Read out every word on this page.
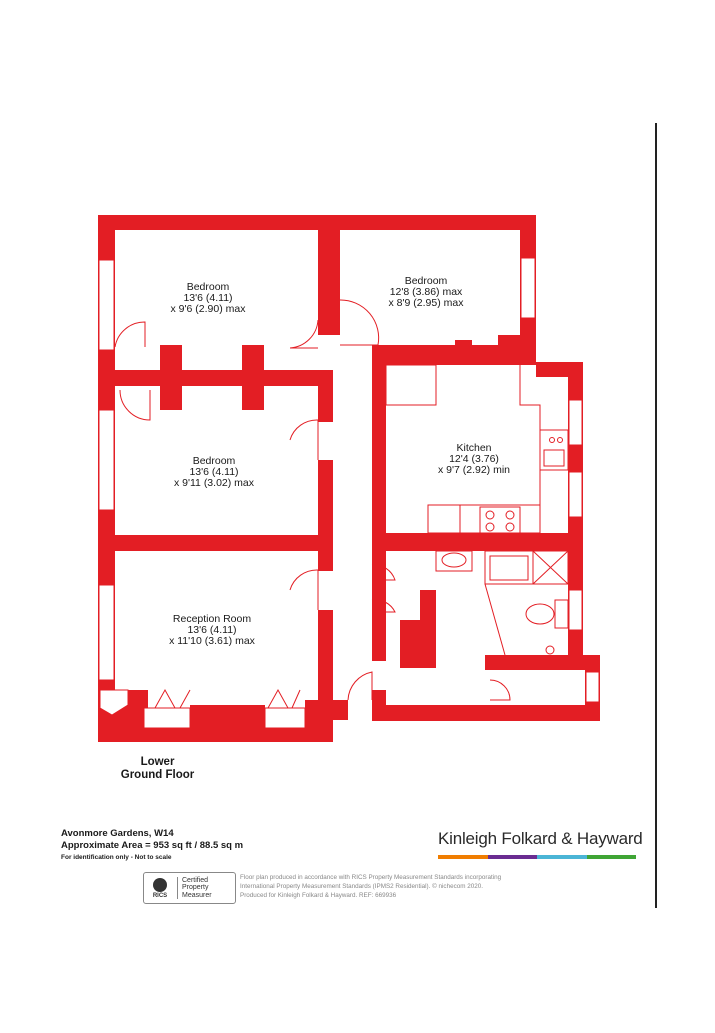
Bedroom
13'6 (4.11)
x 9'6 (2.90) max
Bedroom
12'8 (3.86) max
x 8'9 (2.95) max
Bedroom
13'6 (4.11)
x 9'11 (3.02) max
Kitchen
12'4 (3.76)
x 9'7 (2.92) min
Reception Room
13'6 (4.11)
x 11'10 (3.61) max
Lower
Ground Floor
Avonmore Gardens, W14
Approximate Area = 953 sq ft / 88.5 sq m
For identification only - Not to scale
RICS
Certified
Property
Measurer
Floor plan produced in accordance with RICS Property Measurement Standards incorporating
International Property Measurement Standards (IPMS2 Residential). © nichecom 2020.
Produced for Kinleigh Folkard & Hayward. REF: 669936
Kinleigh Folkard & Hayward
